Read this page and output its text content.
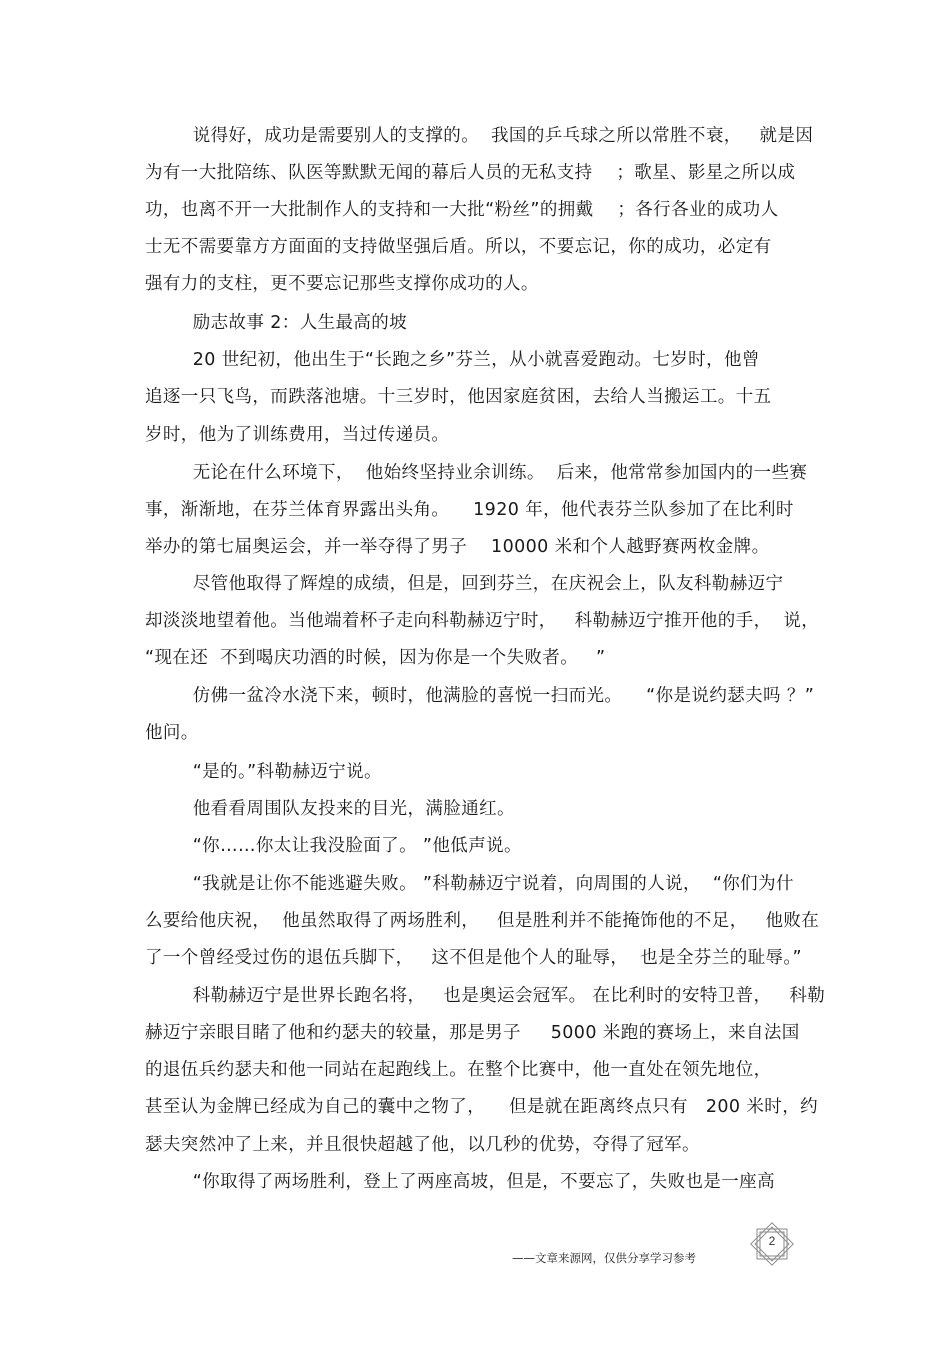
说得好，成功是需要别人的支撑的。  我国的乒乓球之所以常胜不衰，   就是因
为有一大批陪练、队医等默默无闻的幕后人员的无私支持    ；歌星、影星之所以成
功，也离不开一大批制作人的支持和一大批“粉丝”的拥戴    ；各行各业的成功人
士无不需要靠方方面面的支持做坚强后盾。所以，不要忘记，你的成功，必定有
强有力的支柱，更不要忘记那些支撑你成功的人。
励志故事 2：人生最高的坡
20 世纪初，他出生于“长跑之乡”芬兰，从小就喜爱跑动。七岁时，他曾
追逐一只飞鸟，而跌落池塘。十三岁时，他因家庭贫困，去给人当搬运工。十五
岁时，他为了训练费用，当过传递员。
无论在什么环境下，  他始终坚持业余训练。  后来，他常常参加国内的一些赛
事，渐渐地，在芬兰体育界露出头角。    1920 年，他代表芬兰队参加了在比利时
举办的第七届奥运会，并一举夺得了男子    10000 米和个人越野赛两枚金牌。
尽管他取得了辉煌的成绩，但是，回到芬兰，在庆祝会上，队友科勒赫迈宁
却淡淡地望着他。当他端着杯子走向科勒赫迈宁时，   科勒赫迈宁推开他的手，  说，
“现在还  不到喝庆功酒的时候，因为你是一个失败者。   ”
仿佛一盆冷水浇下来，顿时，他满脸的喜悦一扫而光。    “你是说约瑟夫吗 ？”
他问。
“是的。”科勒赫迈宁说。
他看看周围队友投来的目光，满脸通红。
“你……你太让我没脸面了。 ”他低声说。
“我就是让你不能逃避失败。 ”科勒赫迈宁说着，向周围的人说，  “你们为什
么要给他庆祝，  他虽然取得了两场胜利，   但是胜利并不能掩饰他的不足，   他败在
了一个曾经受过伤的退伍兵脚下，   这不但是他个人的耻辱，  也是全芬兰的耻辱。”
科勒赫迈宁是世界长跑名将，   也是奥运会冠军。 在比利时的安特卫普，   科勒
赫迈宁亲眼目睹了他和约瑟夫的较量，那是男子     5000 米跑的赛场上，来自法国
的退伍兵约瑟夫和他一同站在起跑线上。在整个比赛中，他一直处在领先地位，
甚至认为金牌已经成为自己的囊中之物了，    但是就在距离终点只有   200 米时，约
瑟夫突然冲了上来，并且很快超越了他，以几秒的优势，夺得了冠军。
“你取得了两场胜利，登上了两座高坡，但是，不要忘了，失败也是一座高
——文章来源网，仅供分享学习参考
2
